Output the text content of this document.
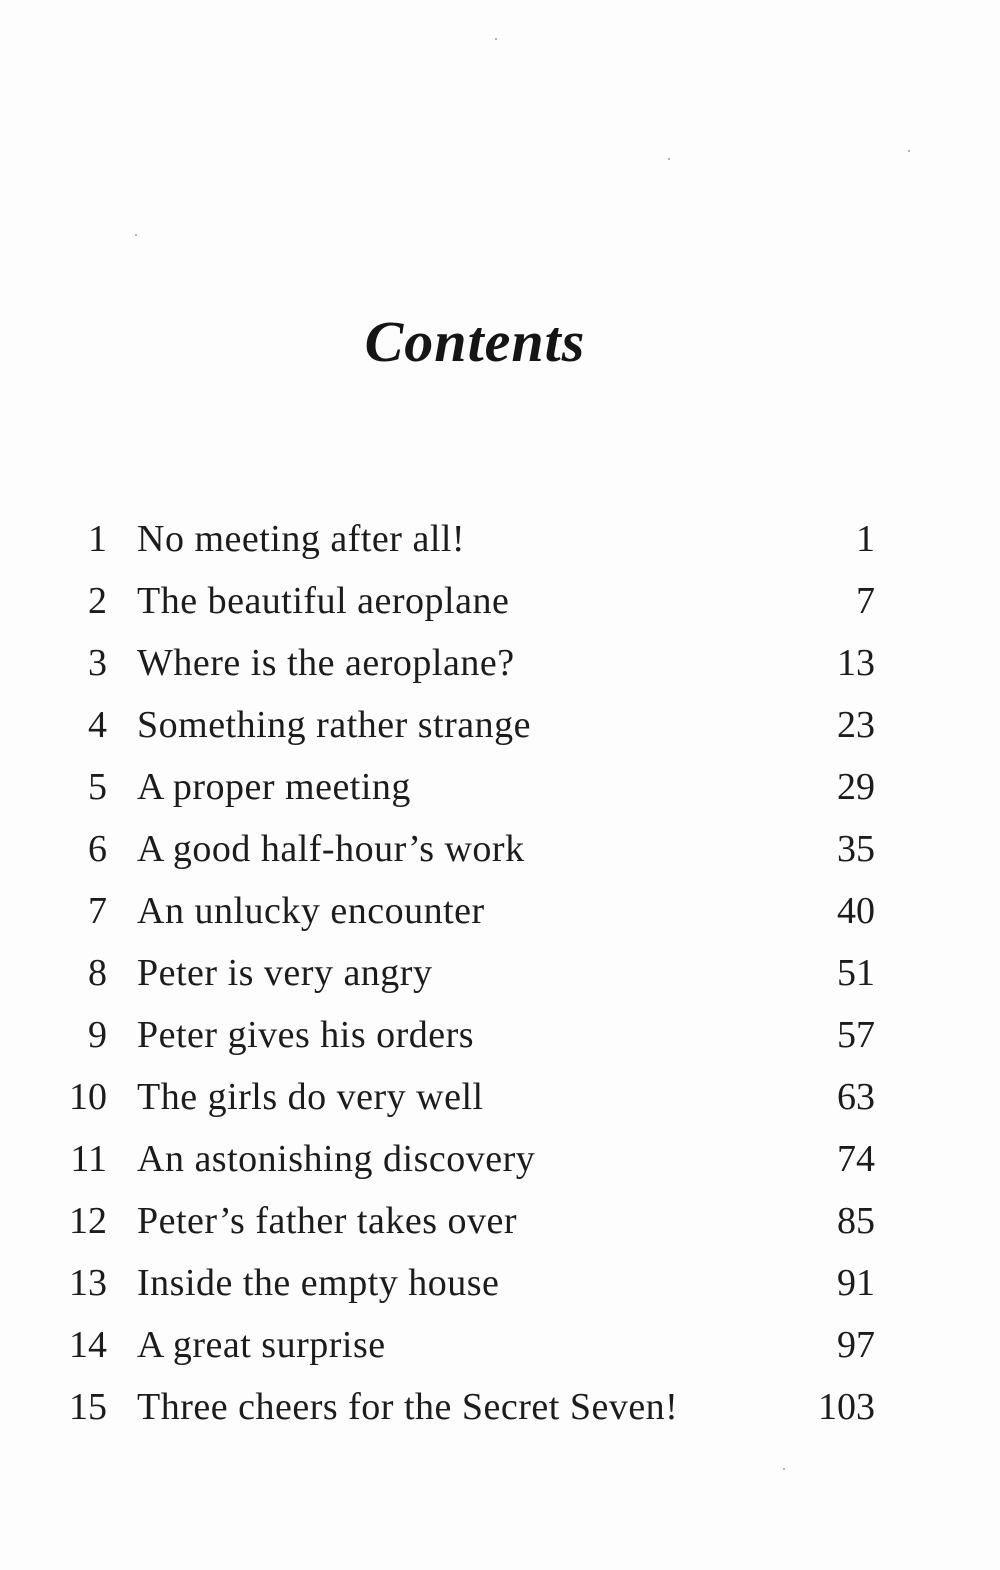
Contents
1 No meeting after all!	1
2 The beautiful aeroplane	7
3 Where is the aeroplane?	13
4 Something rather strange	23
5 A proper meeting	29
6 A good half-hour’s work	35
7 An unlucky encounter	40
8 Peter is very angry	51
9 Peter gives his orders	57
10 The girls do very well	63
11 An astonishing discovery	74
12 Peter’s father takes over	85
13 Inside the empty house	91
14 A great surprise	97
15 Three cheers for the Secret Seven!	103
